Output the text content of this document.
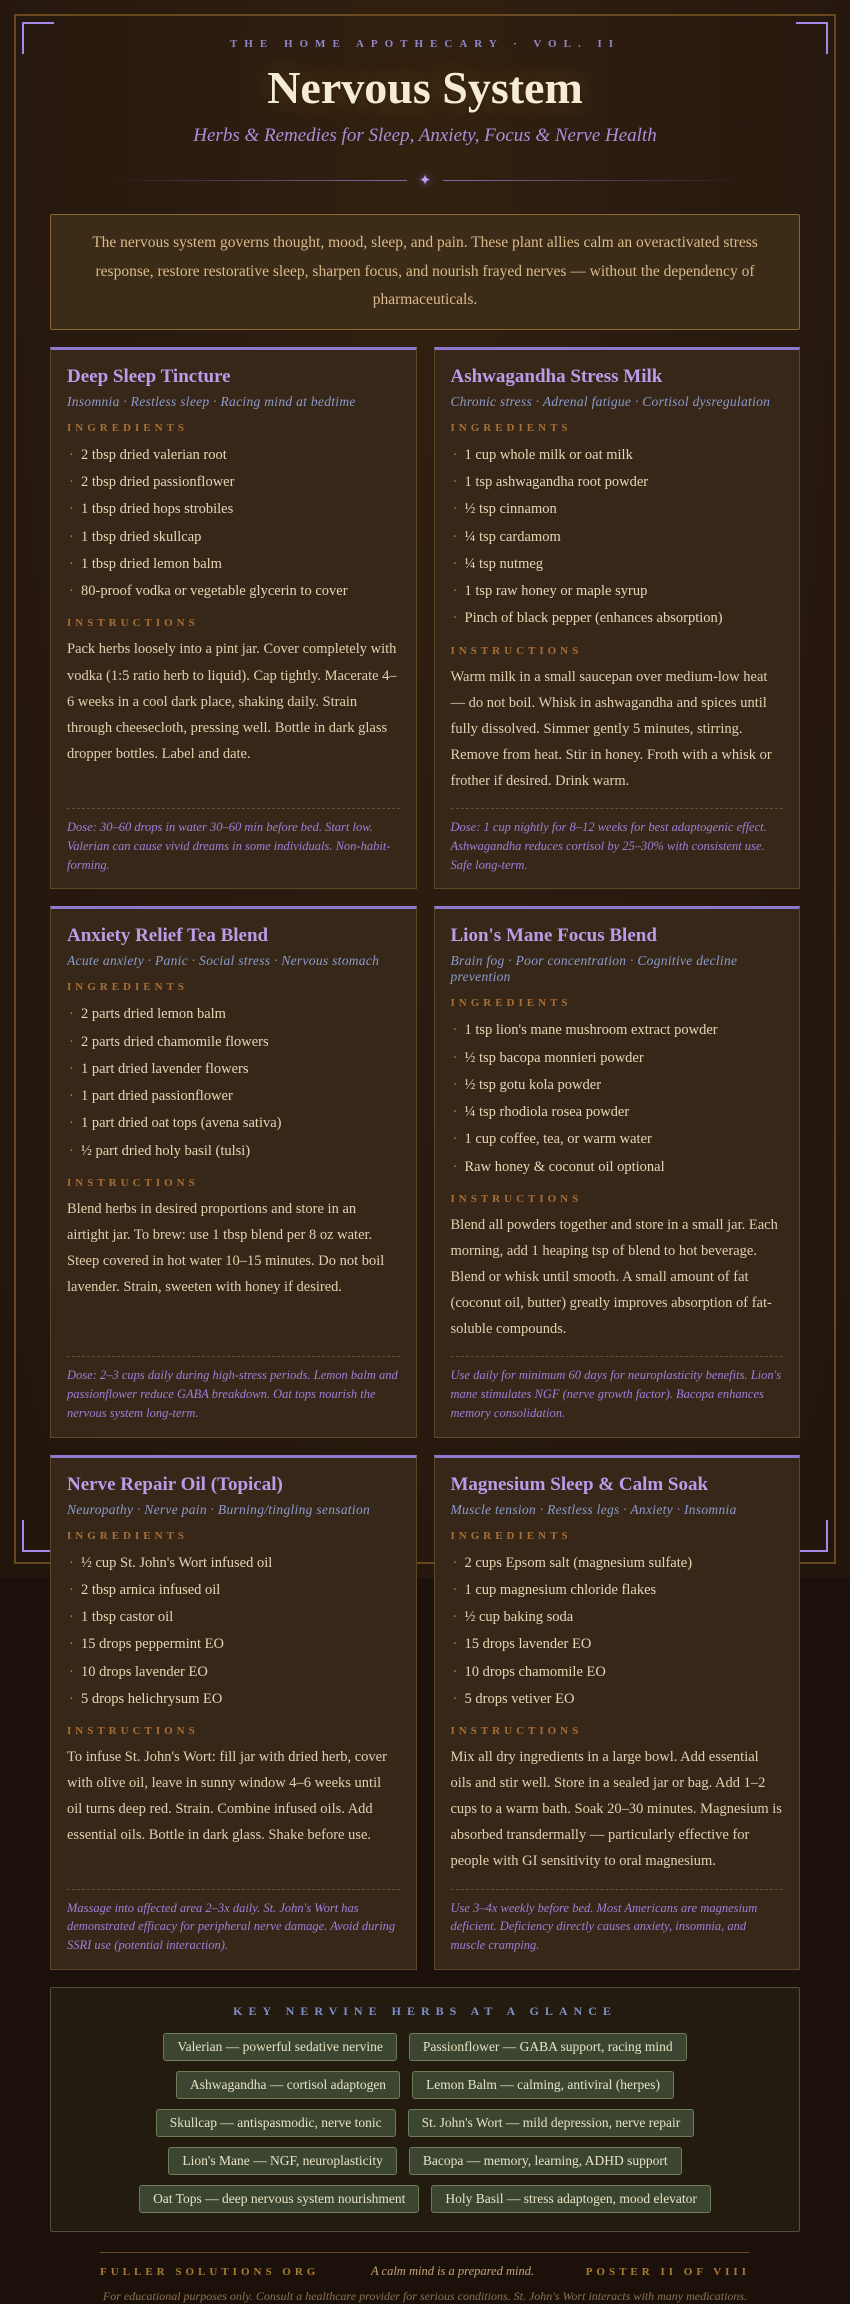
THE HOME APOTHECARY · VOL. II
Nervous System
Herbs & Remedies for Sleep, Anxiety, Focus & Nerve Health
✦
The nervous system governs thought, mood, sleep, and pain. These plant allies calm an overactivated stress response, restore restorative sleep, sharpen focus, and nourish frayed nerves — without the dependency of pharmaceuticals.
Deep Sleep Tincture

Insomnia · Restless sleep · Racing mind at bedtime

INGREDIENTS
· 2 tbsp dried valerian root
· 2 tbsp dried passionflower
· 1 tbsp dried hops strobiles
· 1 tbsp dried skullcap
· 1 tbsp dried lemon balm
· 80-proof vodka or vegetable glycerin to cover
INSTRUCTIONS

Pack herbs loosely into a pint jar. Cover completely with vodka (1:5 ratio herb to liquid). Cap tightly. Macerate 4–6 weeks in a cool dark place, shaking daily. Strain through cheesecloth, pressing well. Bottle in dark glass dropper bottles. Label and date.

Dose: 30–60 drops in water 30–60 min before bed. Start low. Valerian can cause vivid dreams in some individuals. Non-habit-forming.
Ashwagandha Stress Milk

Chronic stress · Adrenal fatigue · Cortisol dysregulation

INGREDIENTS
· 1 cup whole milk or oat milk
· 1 tsp ashwagandha root powder
· ½ tsp cinnamon
· ¼ tsp cardamom
· ¼ tsp nutmeg
· 1 tsp raw honey or maple syrup
· Pinch of black pepper (enhances absorption)
INSTRUCTIONS

Warm milk in a small saucepan over medium-low heat — do not boil. Whisk in ashwagandha and spices until fully dissolved. Simmer gently 5 minutes, stirring. Remove from heat. Stir in honey. Froth with a whisk or frother if desired. Drink warm.

Dose: 1 cup nightly for 8–12 weeks for best adaptogenic effect. Ashwagandha reduces cortisol by 25–30% with consistent use. Safe long-term.
Anxiety Relief Tea Blend

Acute anxiety · Panic · Social stress · Nervous stomach

INGREDIENTS
· 2 parts dried lemon balm
· 2 parts dried chamomile flowers
· 1 part dried lavender flowers
· 1 part dried passionflower
· 1 part dried oat tops (avena sativa)
· ½ part dried holy basil (tulsi)
INSTRUCTIONS

Blend herbs in desired proportions and store in an airtight jar. To brew: use 1 tbsp blend per 8 oz water. Steep covered in hot water 10–15 minutes. Do not boil lavender. Strain, sweeten with honey if desired.

Dose: 2–3 cups daily during high-stress periods. Lemon balm and passionflower reduce GABA breakdown. Oat tops nourish the nervous system long-term.
Lion's Mane Focus Blend

Brain fog · Poor concentration · Cognitive decline prevention

INGREDIENTS
· 1 tsp lion's mane mushroom extract powder
· ½ tsp bacopa monnieri powder
· ½ tsp gotu kola powder
· ¼ tsp rhodiola rosea powder
· 1 cup coffee, tea, or warm water
· Raw honey & coconut oil optional
INSTRUCTIONS

Blend all powders together and store in a small jar. Each morning, add 1 heaping tsp of blend to hot beverage. Blend or whisk until smooth. A small amount of fat (coconut oil, butter) greatly improves absorption of fat-soluble compounds.

Use daily for minimum 60 days for neuroplasticity benefits. Lion's mane stimulates NGF (nerve growth factor). Bacopa enhances memory consolidation.
Nerve Repair Oil (Topical)

Neuropathy · Nerve pain · Burning/tingling sensation

INGREDIENTS
· ½ cup St. John's Wort infused oil
· 2 tbsp arnica infused oil
· 1 tbsp castor oil
· 15 drops peppermint EO
· 10 drops lavender EO
· 5 drops helichrysum EO
INSTRUCTIONS

To infuse St. John's Wort: fill jar with dried herb, cover with olive oil, leave in sunny window 4–6 weeks until oil turns deep red. Strain. Combine infused oils. Add essential oils. Bottle in dark glass. Shake before use.

Massage into affected area 2–3x daily. St. John's Wort has demonstrated efficacy for peripheral nerve damage. Avoid during SSRI use (potential interaction).
Magnesium Sleep & Calm Soak

Muscle tension · Restless legs · Anxiety · Insomnia

INGREDIENTS
· 2 cups Epsom salt (magnesium sulfate)
· 1 cup magnesium chloride flakes
· ½ cup baking soda
· 15 drops lavender EO
· 10 drops chamomile EO
· 5 drops vetiver EO
INSTRUCTIONS

Mix all dry ingredients in a large bowl. Add essential oils and stir well. Store in a sealed jar or bag. Add 1–2 cups to a warm bath. Soak 20–30 minutes. Magnesium is absorbed transdermally — particularly effective for people with GI sensitivity to oral magnesium.

Use 3–4x weekly before bed. Most Americans are magnesium deficient. Deficiency directly causes anxiety, insomnia, and muscle cramping.
KEY NERVINE HERBS AT A GLANCE
Valerian — powerful sedative nervine	Passionflower — GABA support, racing mind
Ashwagandha — cortisol adaptogen	Lemon Balm — calming, antiviral (herpes)
Skullcap — antispasmodic, nerve tonic	St. John's Wort — mild depression, nerve repair
Lion's Mane — NGF, neuroplasticity	Bacopa — memory, learning, ADHD support
Oat Tops — deep nervous system nourishment	Holy Basil — stress adaptogen, mood elevator
FULLER SOLUTIONS ORG	A calm mind is a prepared mind.	POSTER II OF VIII
For educational purposes only. Consult a healthcare provider for serious conditions. St. John's Wort interacts with many medications.
